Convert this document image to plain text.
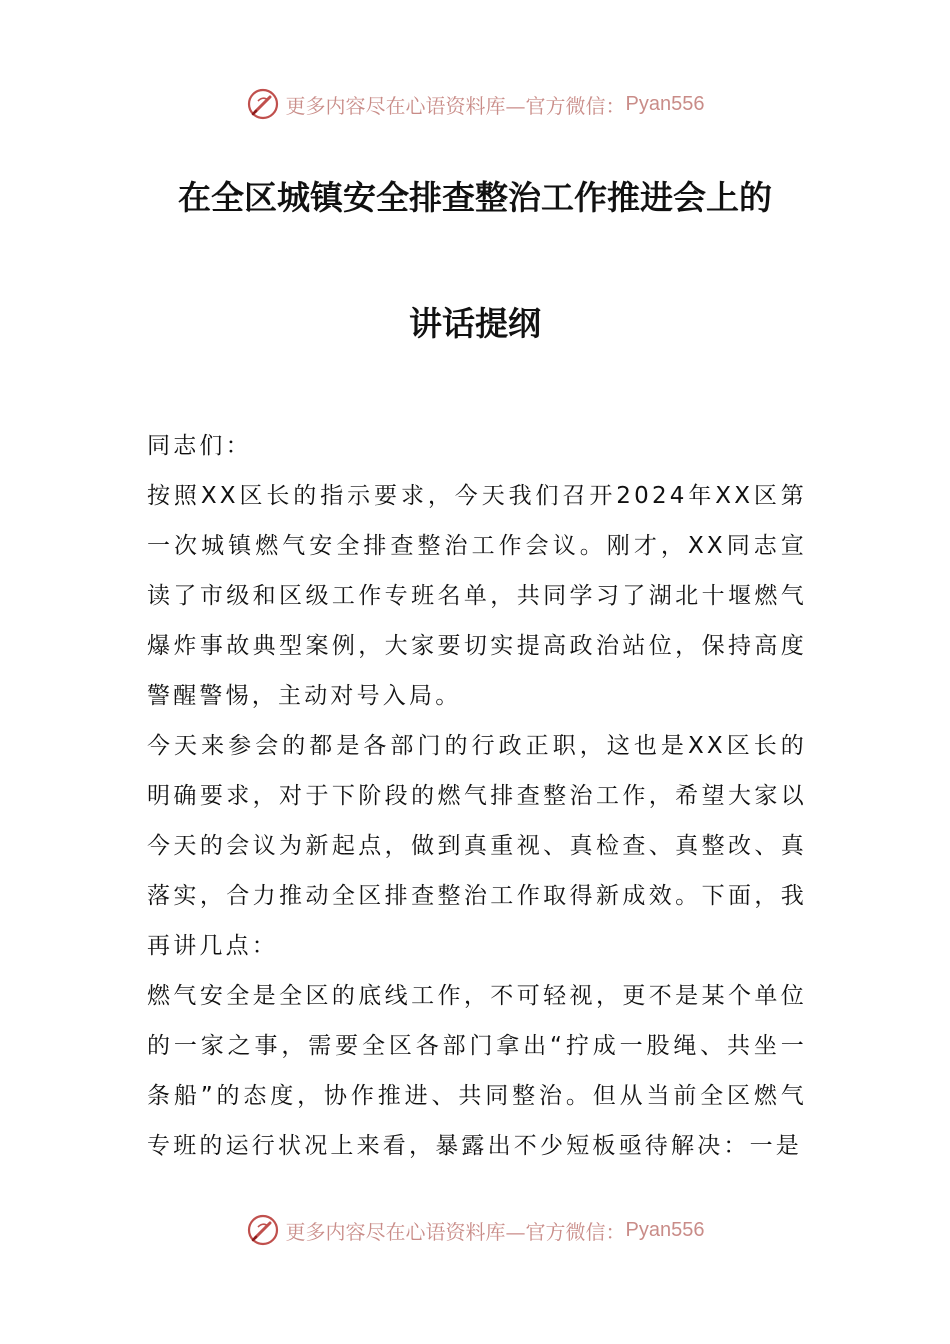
更多内容尽在心语资料库—官方微信： Pyan556
在全区城镇安全排查整治工作推进会上的
讲话提纲

同志们：

按照XX区长的指示要求，今天我们召开2024年XX区第一次城镇燃气安全排查整治工作会议。刚才，XX同志宣读了市级和区级工作专班名单，共同学习了湖北十堰燃气爆炸事故典型案例，大家要切实提高政治站位，保持高度警醒警惕，主动对号入局。

今天来参会的都是各部门的行政正职，这也是XX区长的明确要求，对于下阶段的燃气排查整治工作，希望大家以今天的会议为新起点，做到真重视、真检查、真整改、真落实，合力推动全区排查整治工作取得新成效。下面，我再讲几点：

燃气安全是全区的底线工作，不可轻视，更不是某个单位的一家之事，需要全区各部门拿出“拧成一股绳、共坐一条船”的态度，协作推进、共同整治。但从当前全区燃气专班的运行状况上来看，暴露出不少短板亟待解决：一是

更多内容尽在心语资料库—官方微信： Pyan556
